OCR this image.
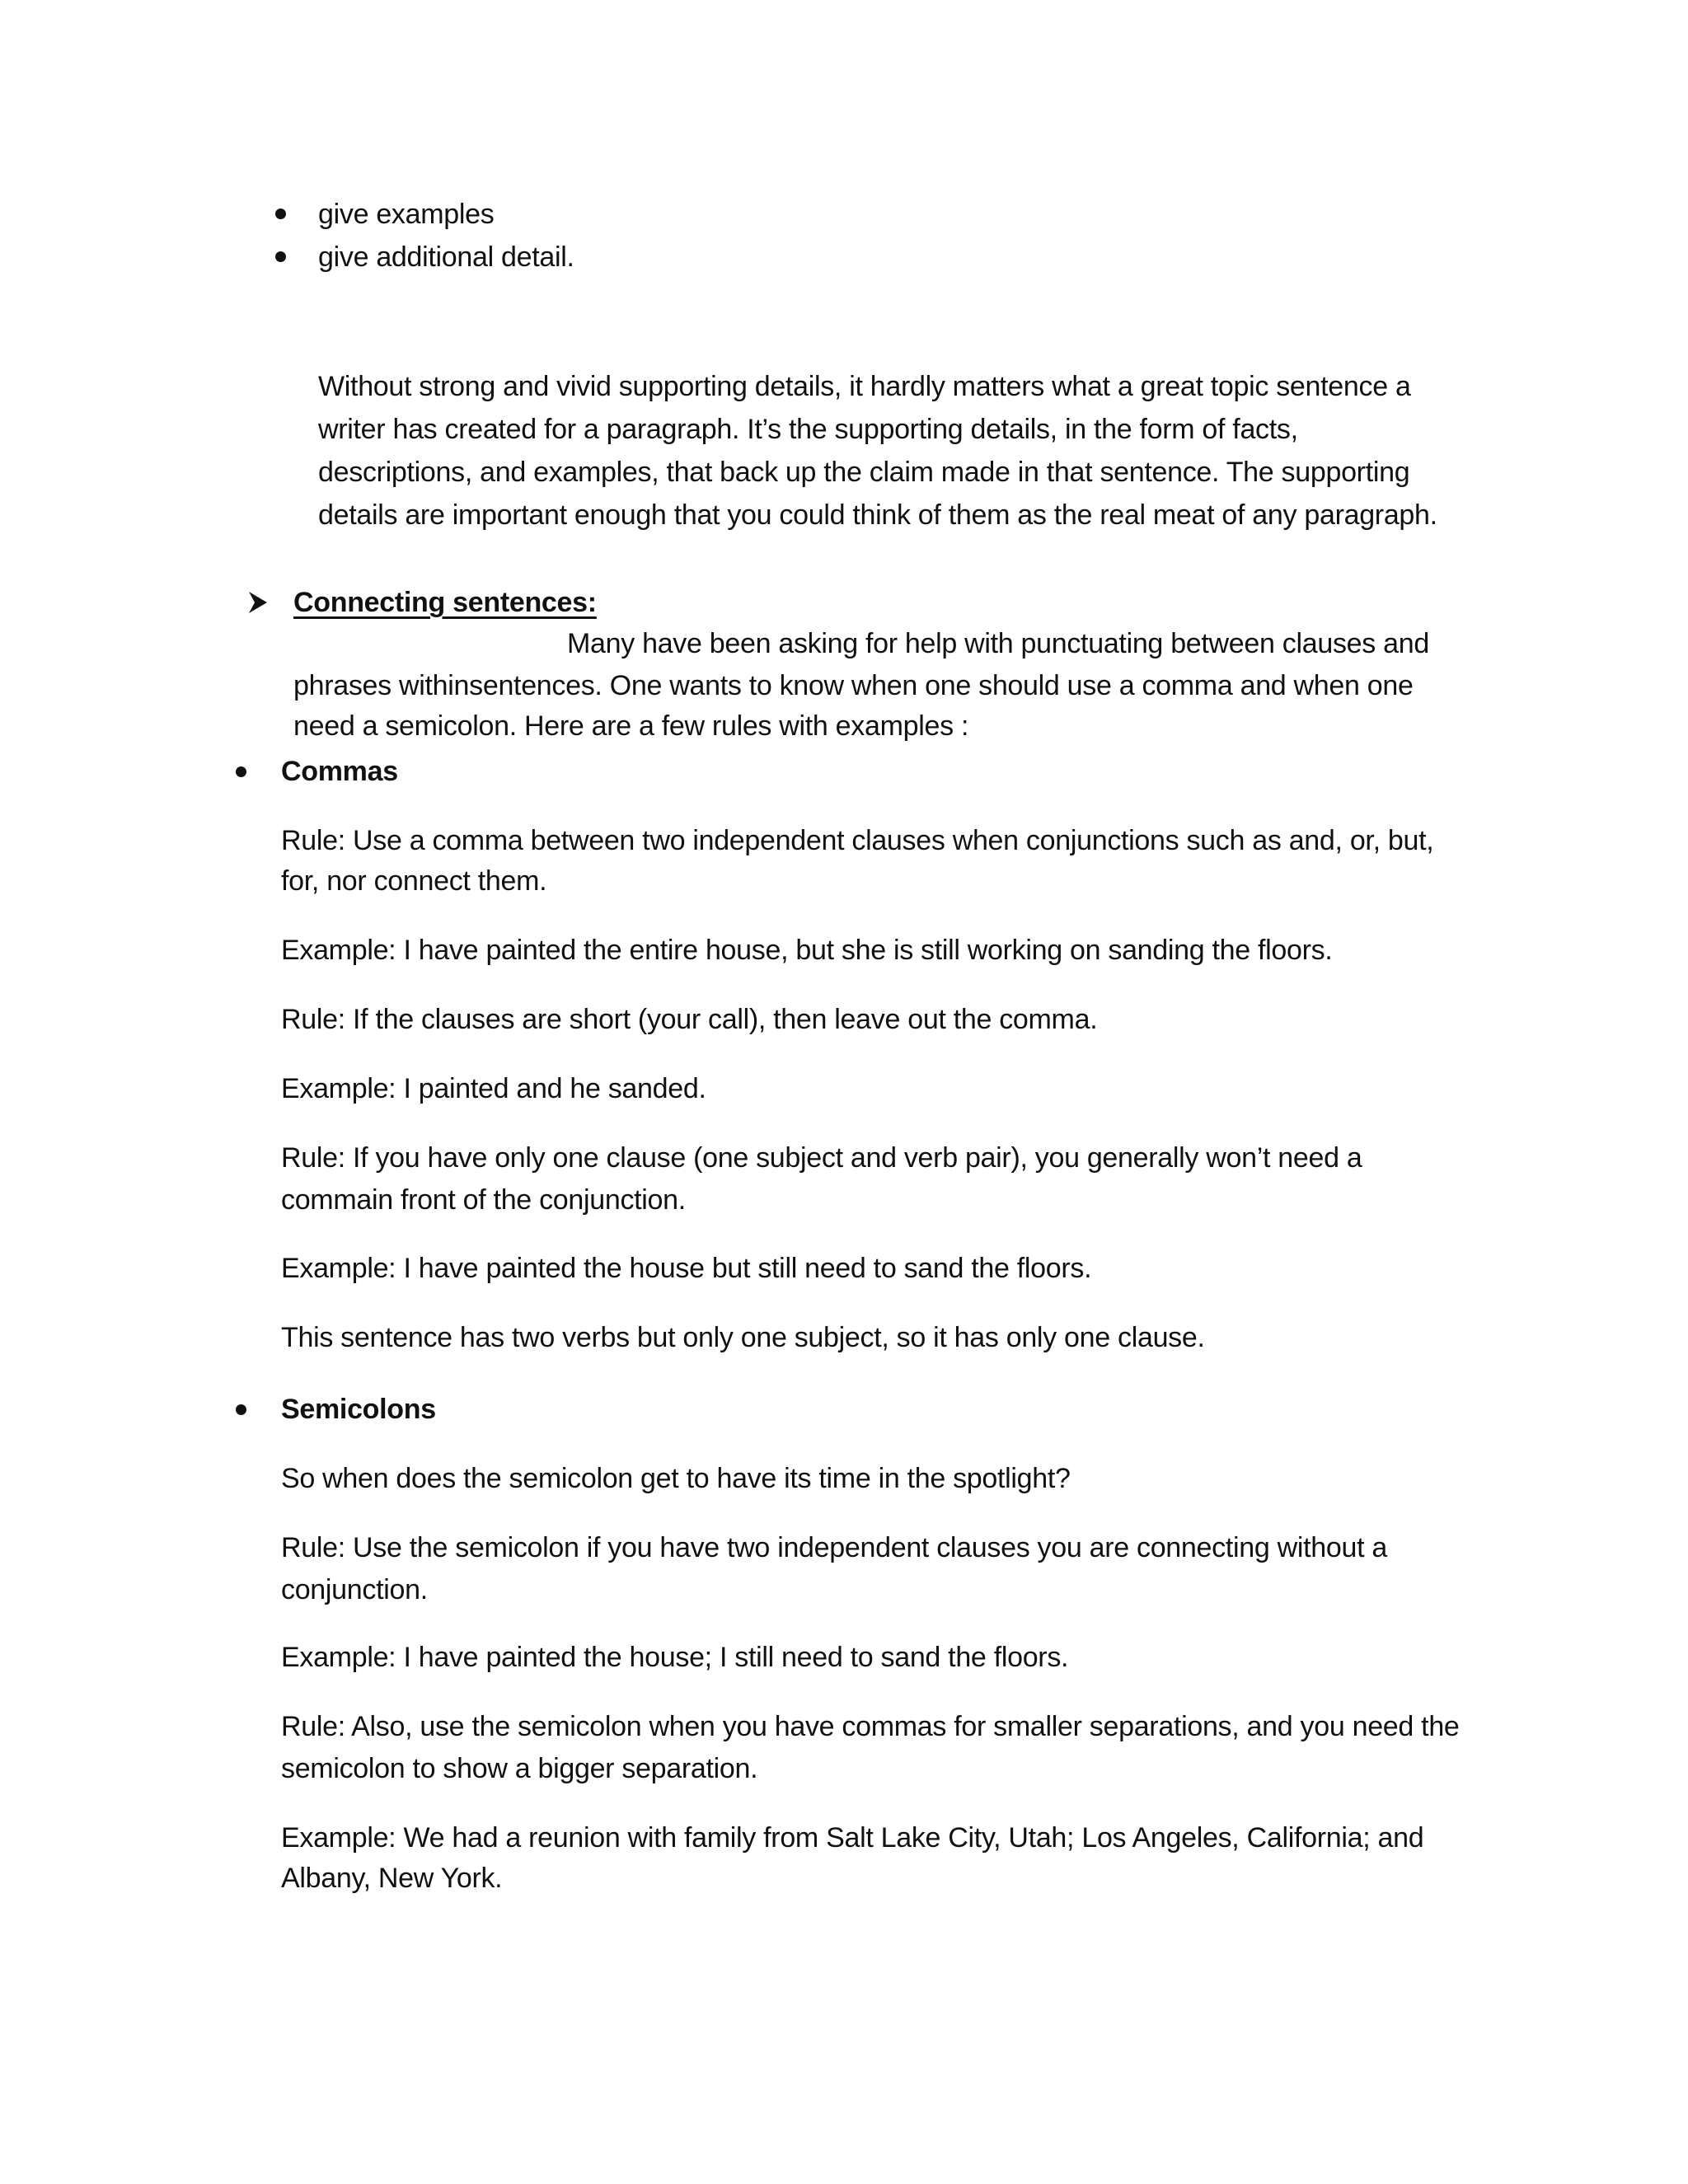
give examples
give additional detail.
Without strong and vivid supporting details, it hardly matters what a great topic sentence a
writer has created for a paragraph. It’s the supporting details, in the form of facts,
descriptions, and examples, that back up the claim made in that sentence. The supporting
details are important enough that you could think of them as the real meat of any paragraph.
Connecting sentences:
Many have been asking for help with punctuating between clauses and
phrases withinsentences. One wants to know when one should use a comma and when one
need a semicolon. Here are a few rules with examples :
Commas
Rule: Use a comma between two independent clauses when conjunctions such as and, or, but,
for, nor connect them.
Example: I have painted the entire house, but she is still working on sanding the floors.
Rule: If the clauses are short (your call), then leave out the comma.
Example: I painted and he sanded.
Rule: If you have only one clause (one subject and verb pair), you generally won’t need a
commain front of the conjunction.
Example: I have painted the house but still need to sand the floors.
This sentence has two verbs but only one subject, so it has only one clause.
Semicolons
So when does the semicolon get to have its time in the spotlight?
Rule: Use the semicolon if you have two independent clauses you are connecting without a
conjunction.
Example: I have painted the house; I still need to sand the floors.
Rule: Also, use the semicolon when you have commas for smaller separations, and you need the
semicolon to show a bigger separation.
Example: We had a reunion with family from Salt Lake City, Utah; Los Angeles, California; and
Albany, New York.
